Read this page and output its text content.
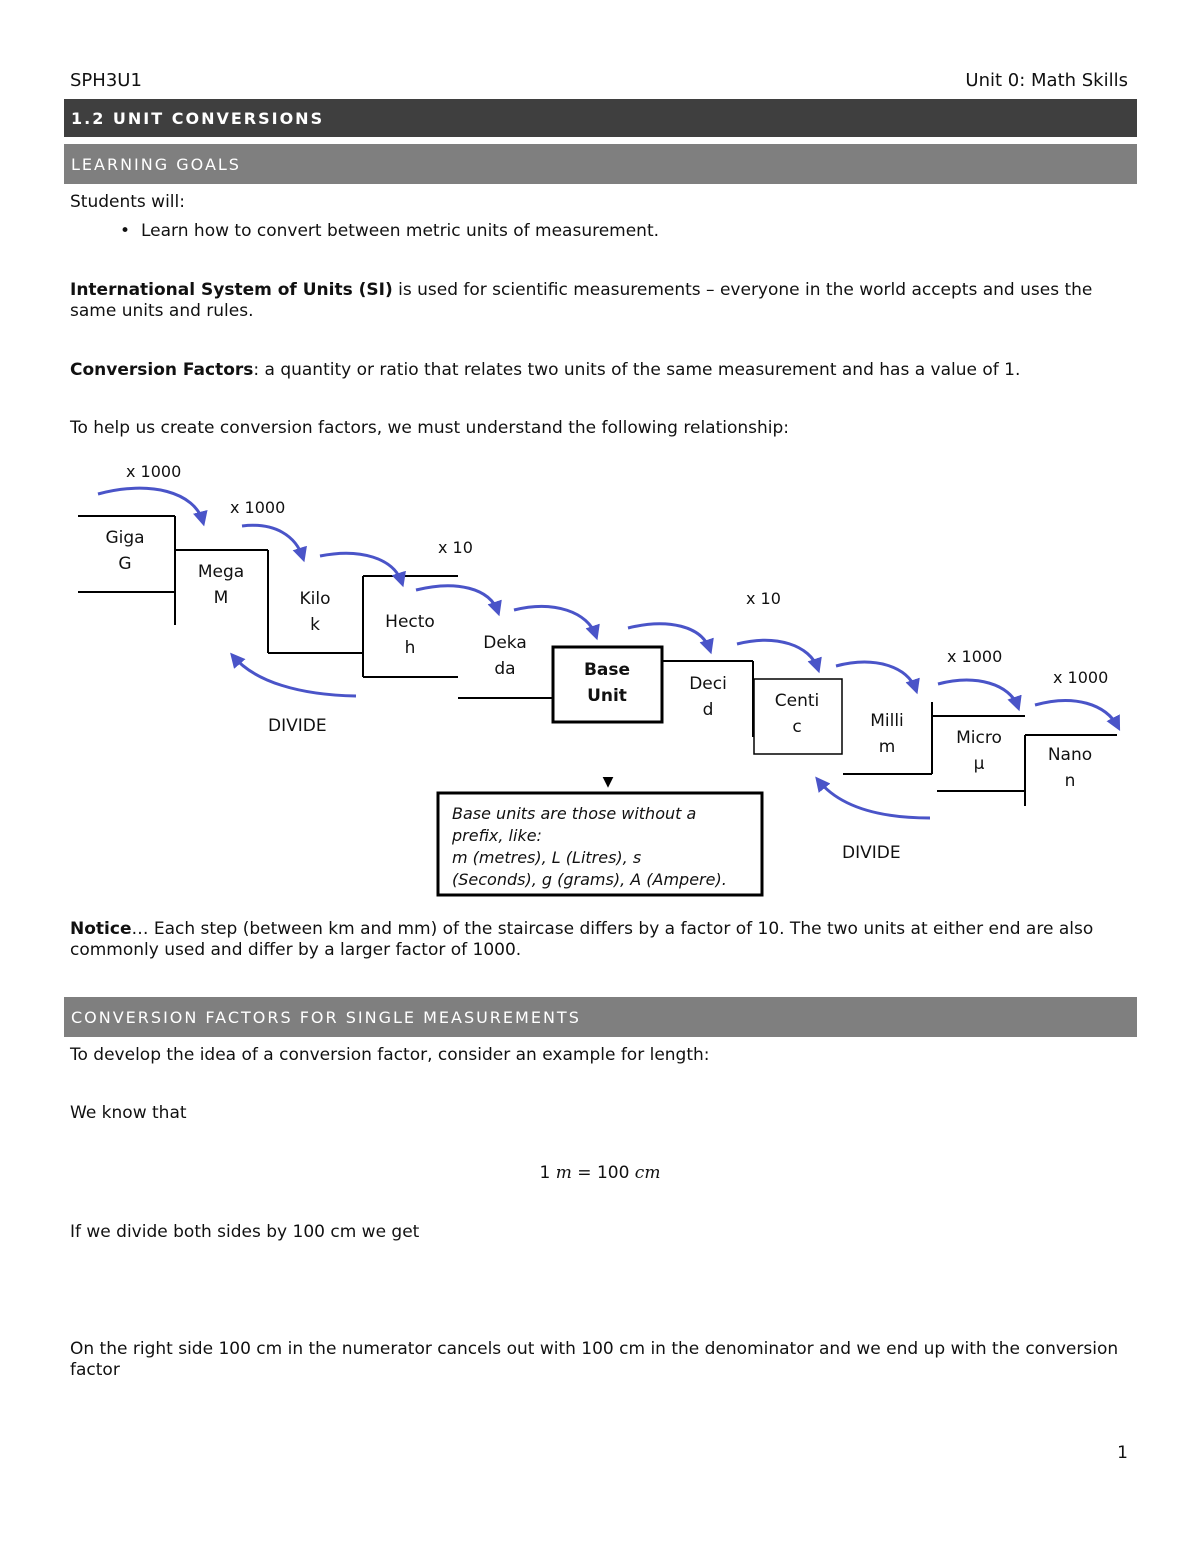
SPH3U1	Unit 0: Math Skills
1.2 UNIT CONVERSIONS
LEARNING GOALS
Students will:
• Learn how to convert between metric units of measurement.
International System of Units (SI) is used for scientific measurements – everyone in the world accepts and uses the same units and rules.
Conversion Factors: a quantity or ratio that relates two units of the same measurement and has a value of 1.
To help us create conversion factors, we must understand the following relationship:
Giga
G	Mega
M	Kilo
k	Hecto
h	Deka
da	Base
Unit
Deci
d	Centi
c	Milli
m	Micro
μ	Nano
n
x 1000
x 1000
x 10
x 10
x 1000
x 1000
DIVIDE
DIVIDE
▼
Base units are those without a
prefix, like:
m (metres), L (Litres), s
(Seconds), g (grams), A (Ampere).
Notice… Each step (between km and mm) of the staircase differs by a factor of 10. The two units at either end are also commonly used and differ by a larger factor of 1000.
CONVERSION FACTORS FOR SINGLE MEASUREMENTS
To develop the idea of a conversion factor, consider an example for length:
We know that
1 m = 100 cm
If we divide both sides by 100 cm we get
On the right side 100 cm in the numerator cancels out with 100 cm in the denominator and we end up with the conversion factor
1
